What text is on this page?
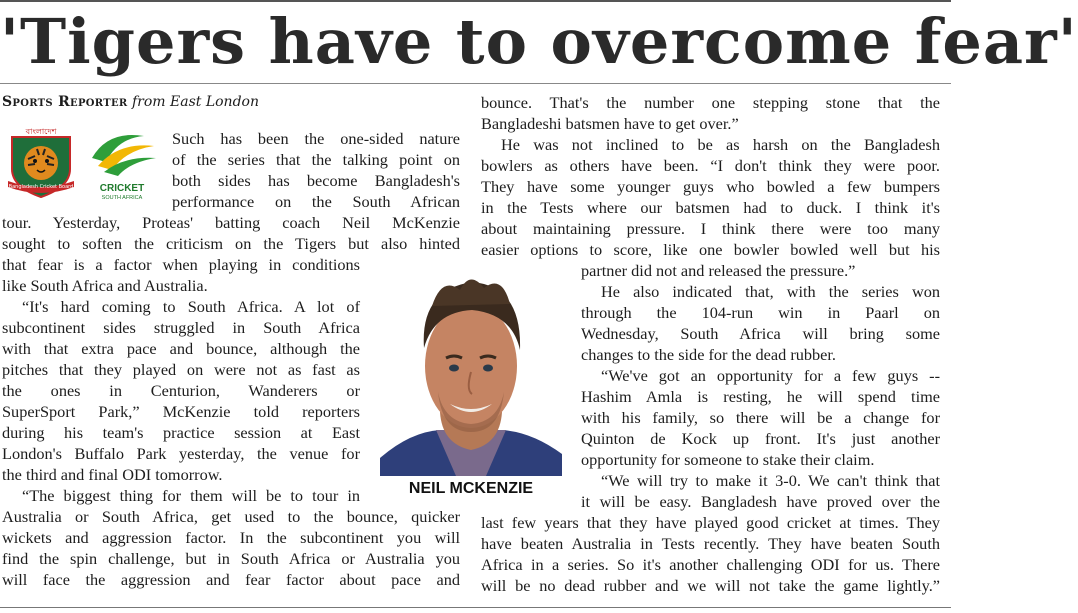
'Tigers have to overcome fear'
Sports Reporter from East London
বাংলাদেশ
Bangladesh Cricket Board	CRICKET
SOUTH AFRICA
Such has been the one-sided nature
of the series that the talking point on
both sides has become Bangladesh's
performance on the South African
tour. Yesterday, Proteas' batting coach Neil McKenzie
sought to soften the criticism on the Tigers but also hinted
that fear is a factor when playing in conditions
like South Africa and Australia.
“It's hard coming to South Africa. A lot of
subcontinent sides struggled in South Africa
with that extra pace and bounce, although the
pitches that they played on were not as fast as
the ones in Centurion, Wanderers or
SuperSport Park,” McKenzie told reporters
during his team's practice session at East
London's Buffalo Park yesterday, the venue for
the third and final ODI tomorrow.
“The biggest thing for them will be to tour in
Australia or South Africa, get used to the bounce, quicker
wickets and aggression factor. In the subcontinent you will
find the spin challenge, but in South Africa or Australia you
will face the aggression and fear factor about pace and
bounce. That's the number one stepping stone that the
Bangladeshi batsmen have to get over.”
He was not inclined to be as harsh on the Bangladesh
bowlers as others have been. “I don't think they were poor.
They have some younger guys who bowled a few bumpers
in the Tests where our batsmen had to duck. I think it's
about maintaining pressure. I think there were too many
easier options to score, like one bowler bowled well but his
partner did not and released the pressure.”
He also indicated that, with the series won
through the 104-run win in Paarl on
Wednesday, South Africa will bring some
changes to the side for the dead rubber.
“We've got an opportunity for a few guys --
Hashim Amla is resting, he will spend time
with his family, so there will be a change for
Quinton de Kock up front. It's just another
opportunity for someone to stake their claim.
“We will try to make it 3-0. We can't think that
it will be easy. Bangladesh have proved over the
last few years that they have played good cricket at times. They
have beaten Australia in Tests recently. They have beaten South
Africa in a series. So it's another challenging ODI for us. There
will be no dead rubber and we will not take the game lightly.”
NEIL MCKENZIE
